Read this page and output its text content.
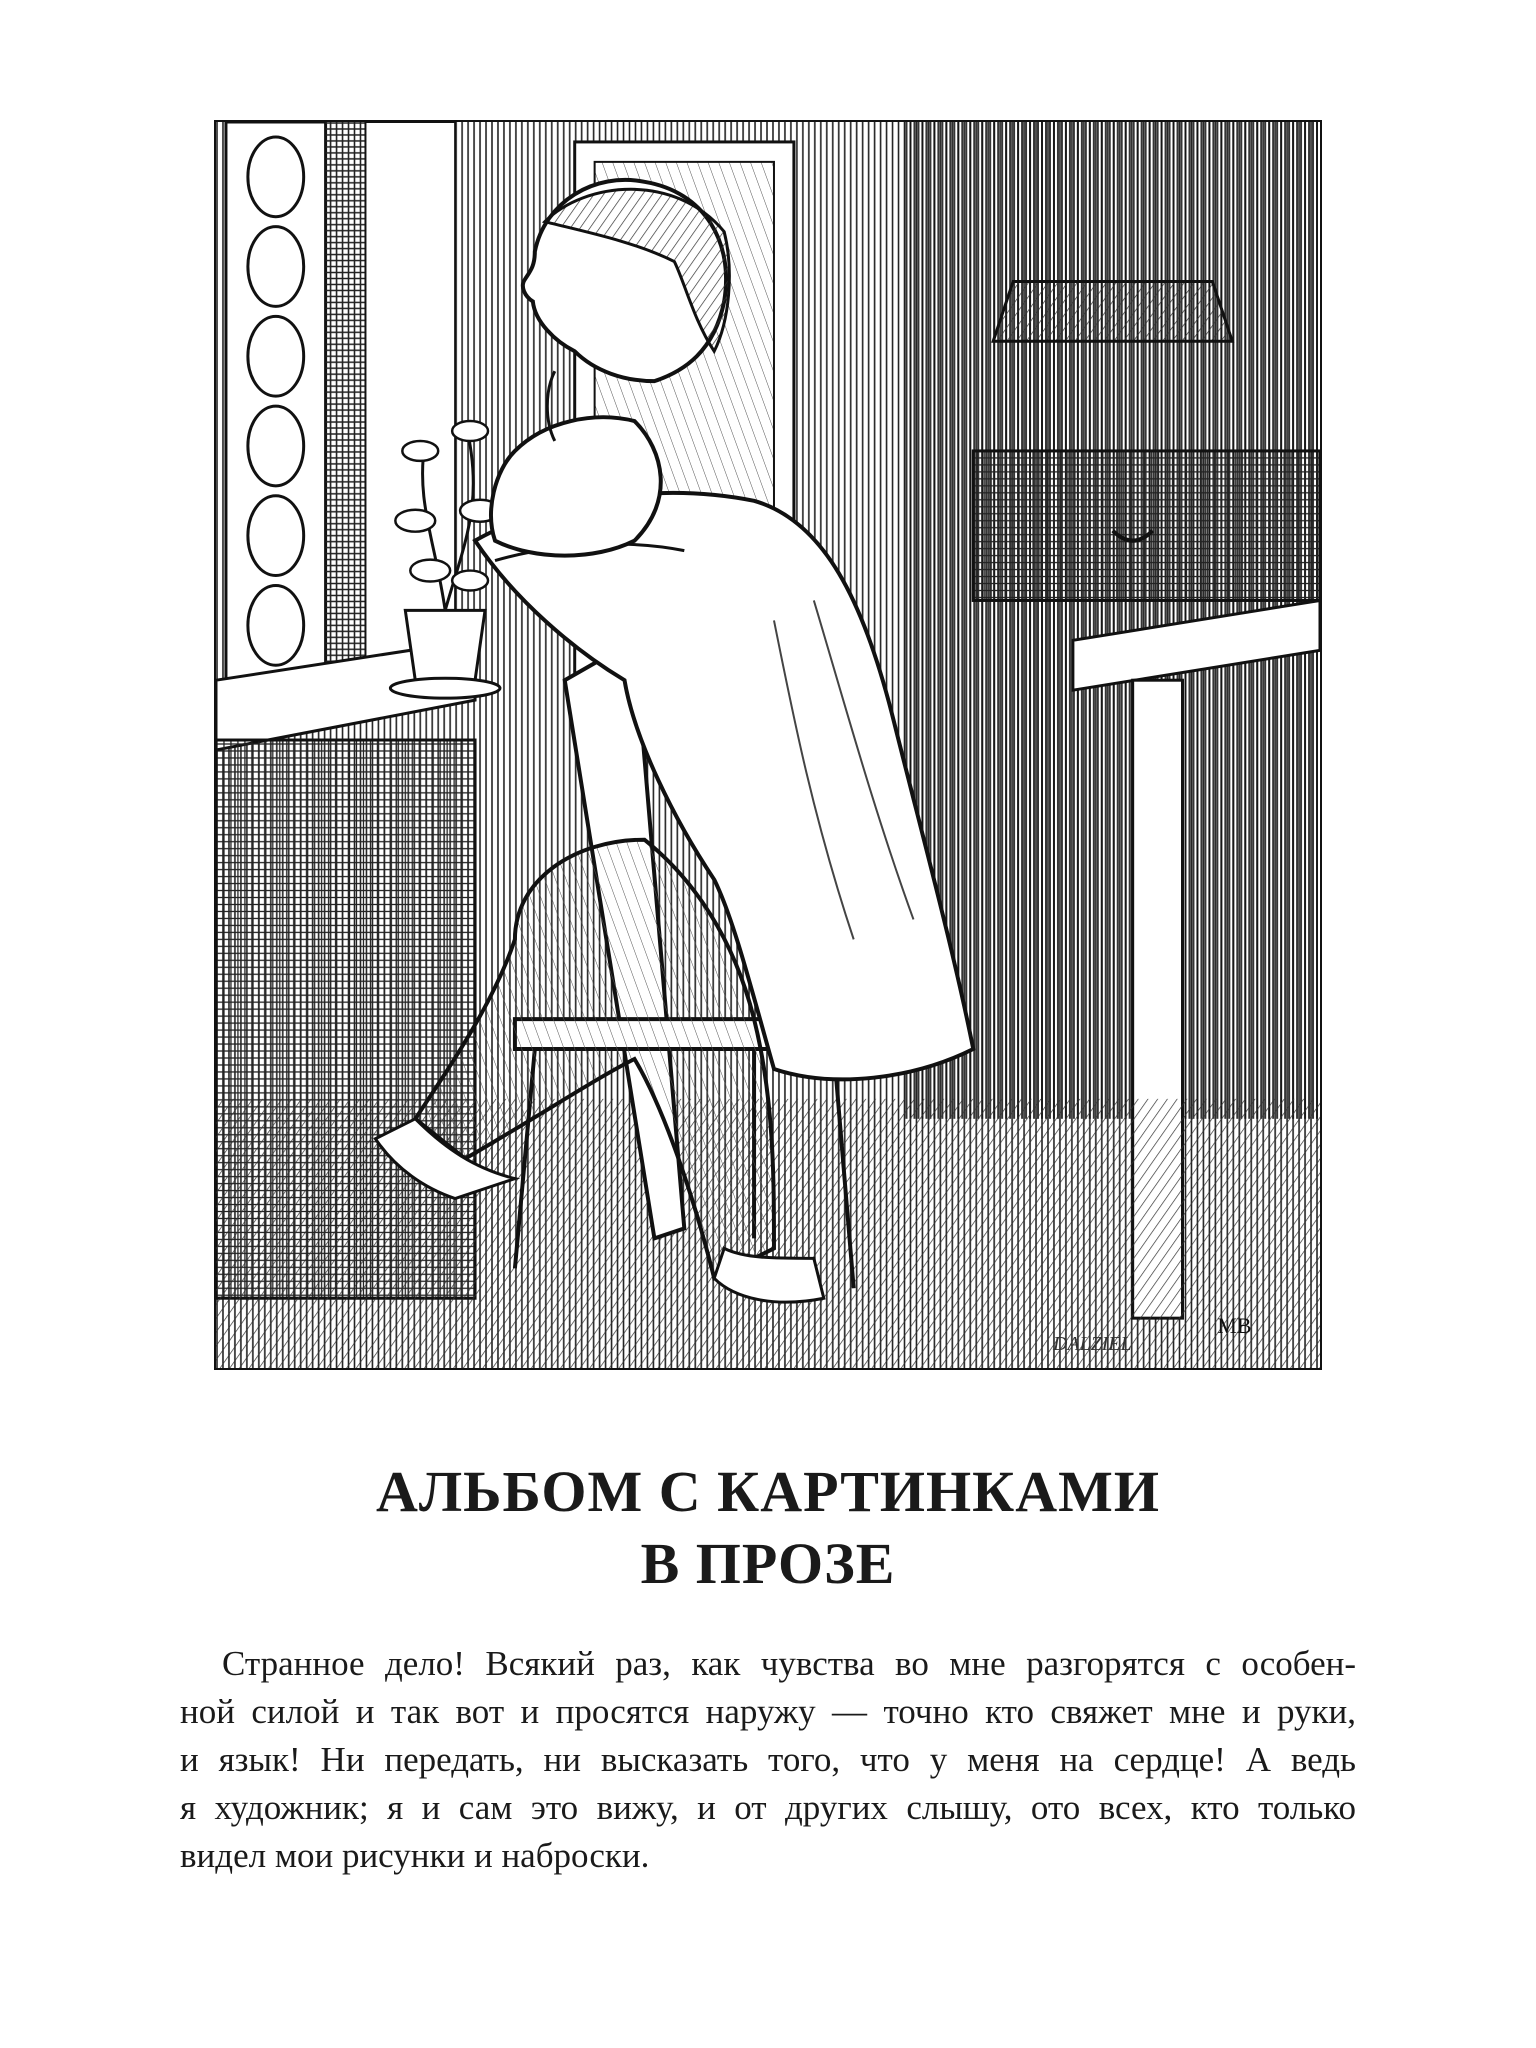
MB
DALZIEL
АЛЬБОМ С КАРТИНКАМИ
В ПРОЗЕ
Странное дело! Всякий раз, как чувства во мне разгорятся с особен-
ной силой и так вот и просятся наружу — точно кто свяжет мне и руки,
и язык! Ни передать, ни высказать того, что у меня на сердце! А ведь
я художник; я и сам это вижу, и от других слышу, ото всех, кто только
видел мои рисунки и наброски.
